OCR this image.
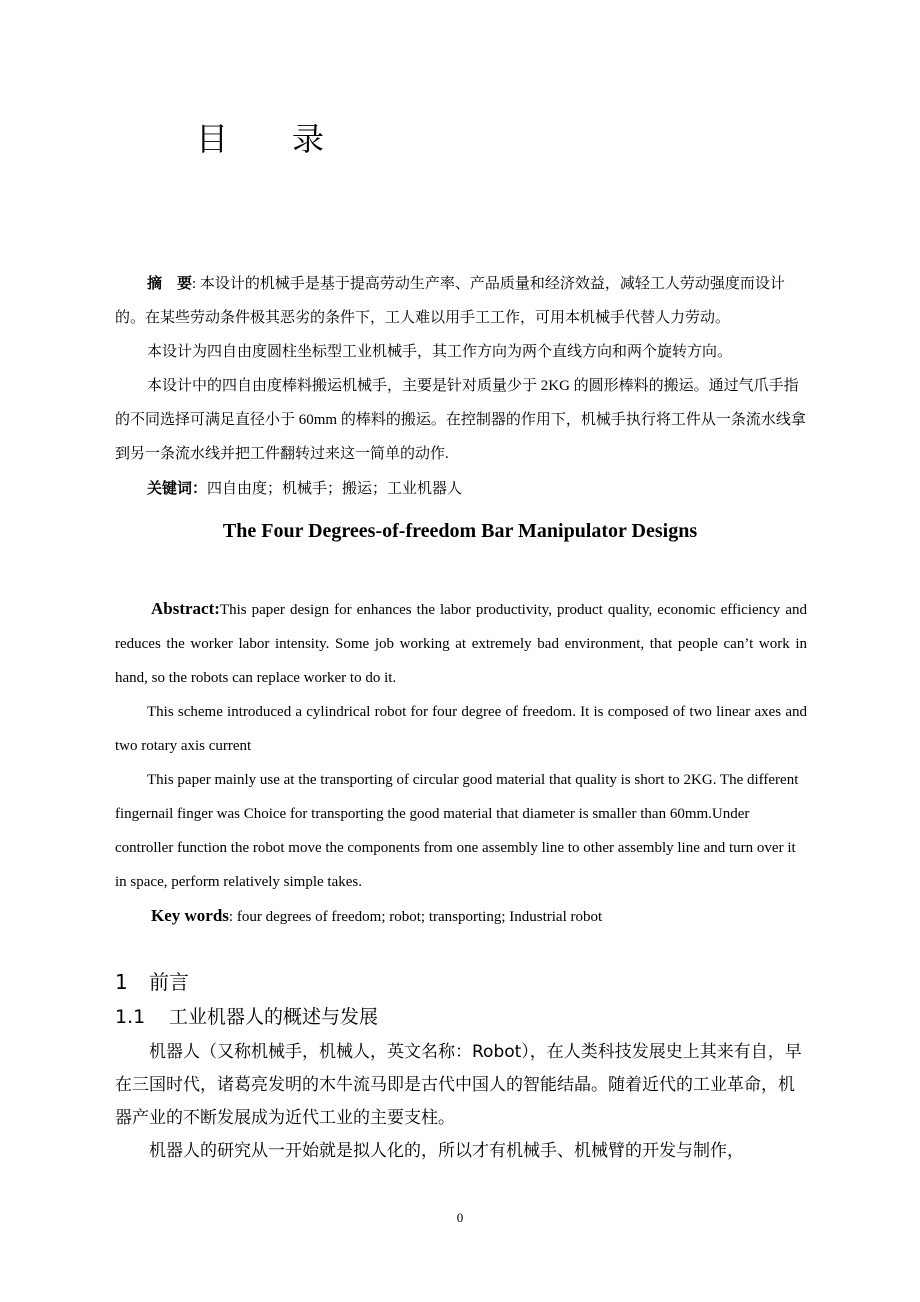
目 录

摘　要: 本设计的机械手是基于提高劳动生产率、产品质量和经济效益，减轻工人劳动强度而设计的。在某些劳动条件极其恶劣的条件下，工人难以用手工工作，可用本机械手代替人力劳动。

本设计为四自由度圆柱坐标型工业机械手，其工作方向为两个直线方向和两个旋转方向。

本设计中的四自由度棒料搬运机械手，主要是针对质量少于 2KG 的圆形棒料的搬运。通过气爪手指的不同选择可满足直径小于 60mm 的棒料的搬运。在控制器的作用下，机械手执行将工件从一条流水线拿到另一条流水线并把工件翻转过来这一简单的动作.

关键词：四自由度；机械手；搬运；工业机器人

The Four Degrees-of-freedom Bar Manipulator Designs

Abstract:This paper design for enhances the labor productivity, product quality, economic efficiency and reduces the worker labor intensity. Some job working at extremely bad environment, that people can’t work in hand, so the robots can replace worker to do it.

This scheme introduced a cylindrical robot for four degree of freedom. It is composed of two linear axes and two rotary axis current

This paper mainly use at the transporting of circular good material that quality is short to 2KG. The different fingernail finger was Choice for transporting the good material that diameter is smaller than 60mm.Under controller function the robot move the components from one assembly line to other assembly line and turn over it in space, perform relatively simple takes.

Key words: four degrees of freedom; robot; transporting; Industrial robot

1 前言
1.1 工业机器人的概述与发展

机器人（又称机械手，机械人，英文名称：Robot），在人类科技发展史上其来有自，早在三国时代，诸葛亮发明的木牛流马即是古代中国人的智能结晶。随着近代的工业革命，机器产业的不断发展成为近代工业的主要支柱。

机器人的研究从一开始就是拟人化的，所以才有机械手、机械臂的开发与制作，

0
